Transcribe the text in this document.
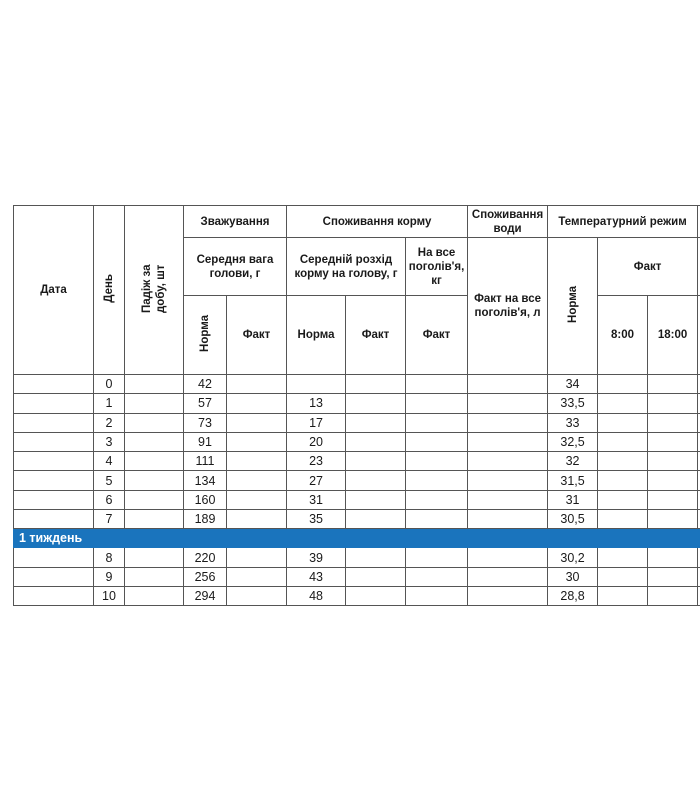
Дата	День	Падіж за добу, шт	Зважування		Споживання корму			Споживання води	Температурний режим			
			Середня вага голови, г		Середній розхід корму на голову, г		На все поголів'я, кг	Факт на все поголів'я, л	Норма	Факт		
			Норма	Факт	Норма	Факт	Факт			8:00	18:00	
	0		42						34			
	1		57		13				33,5			
	2		73		17				33			
	3		91		20				32,5			
	4		111		23				32			
	5		134		27				31,5			
	6		160		31				31			
	7		189		35				30,5			
1 тиждень												
	8		220		39				30,2			
	9		256		43				30			
	10		294		48				28,8			
